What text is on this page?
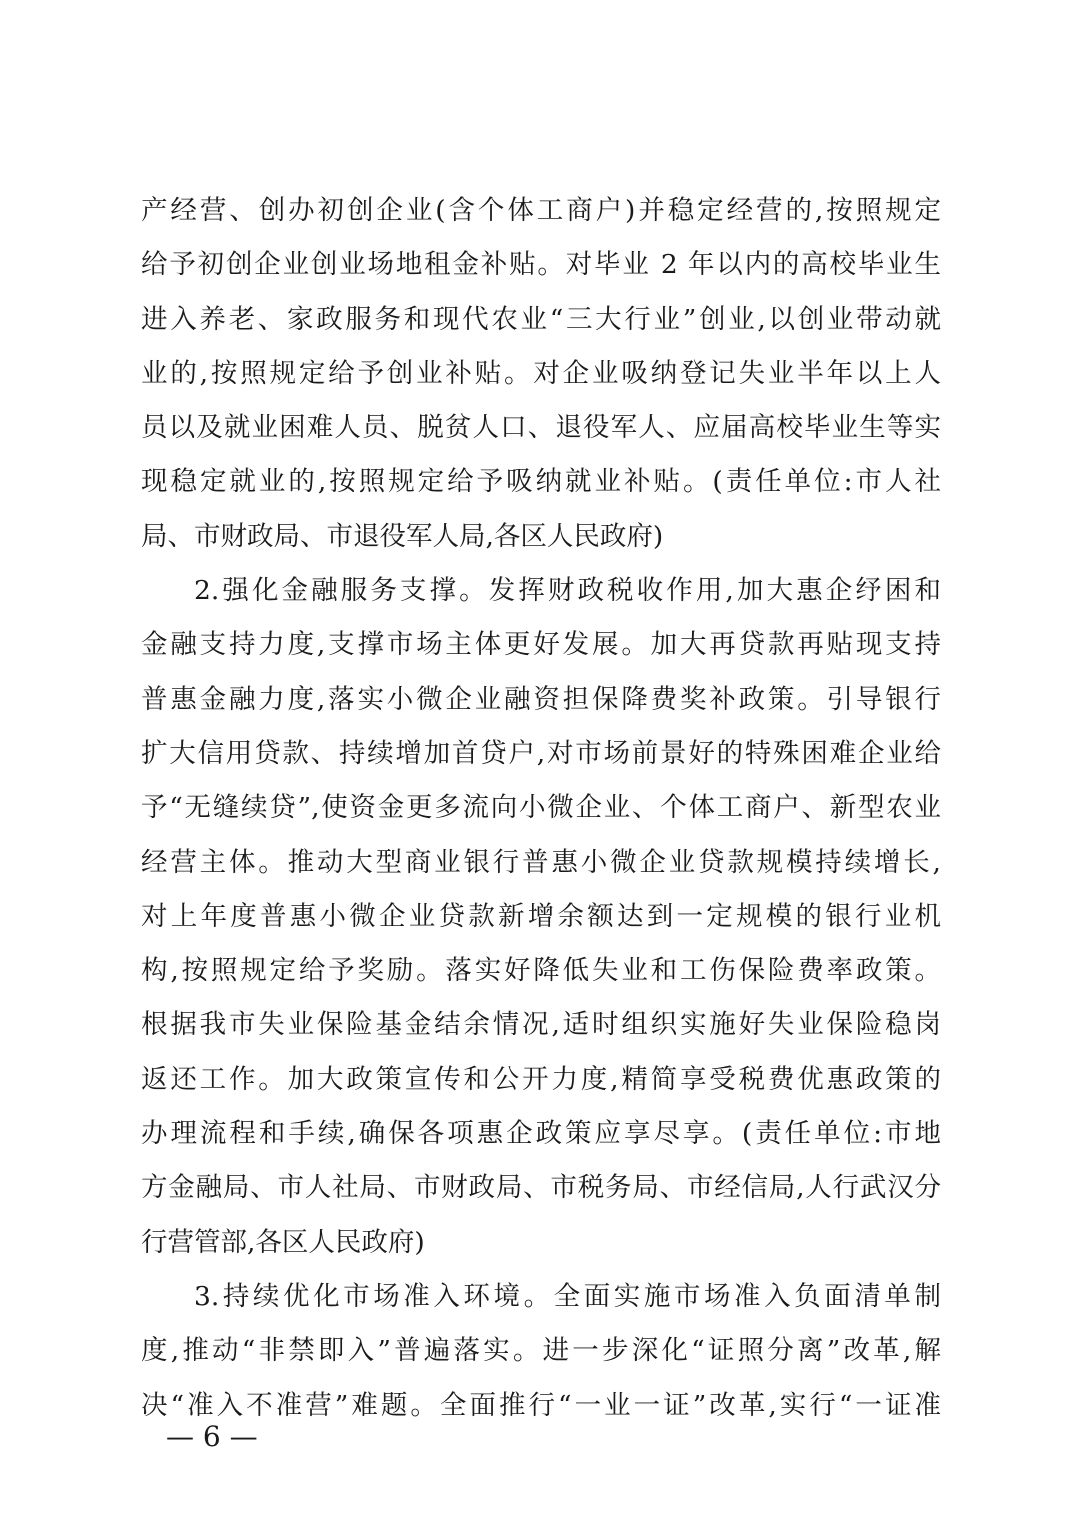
产经营、创办初创企业(含个体工商户)并稳定经营的,按照规定
给予初创企业创业场地租金补贴。对毕业 2 年以内的高校毕业生
进入养老、家政服务和现代农业“三大行业”创业,以创业带动就
业的,按照规定给予创业补贴。对企业吸纳登记失业半年以上人
员以及就业困难人员、脱贫人口、退役军人、应届高校毕业生等实
现稳定就业的,按照规定给予吸纳就业补贴。(责任单位:市人社
局、市财政局、市退役军人局,各区人民政府)
2.强化金融服务支撑。发挥财政税收作用,加大惠企纾困和
金融支持力度,支撑市场主体更好发展。加大再贷款再贴现支持
普惠金融力度,落实小微企业融资担保降费奖补政策。引导银行
扩大信用贷款、持续增加首贷户,对市场前景好的特殊困难企业给
予“无缝续贷”,使资金更多流向小微企业、个体工商户、新型农业
经营主体。推动大型商业银行普惠小微企业贷款规模持续增长,
对上年度普惠小微企业贷款新增余额达到一定规模的银行业机
构,按照规定给予奖励。落实好降低失业和工伤保险费率政策。
根据我市失业保险基金结余情况,适时组织实施好失业保险稳岗
返还工作。加大政策宣传和公开力度,精简享受税费优惠政策的
办理流程和手续,确保各项惠企政策应享尽享。(责任单位:市地
方金融局、市人社局、市财政局、市税务局、市经信局,人行武汉分
行营管部,各区人民政府)
3.持续优化市场准入环境。全面实施市场准入负面清单制
度,推动“非禁即入”普遍落实。进一步深化“证照分离”改革,解
决“准入不准营”难题。全面推行“一业一证”改革,实行“一证准
— 6 —
